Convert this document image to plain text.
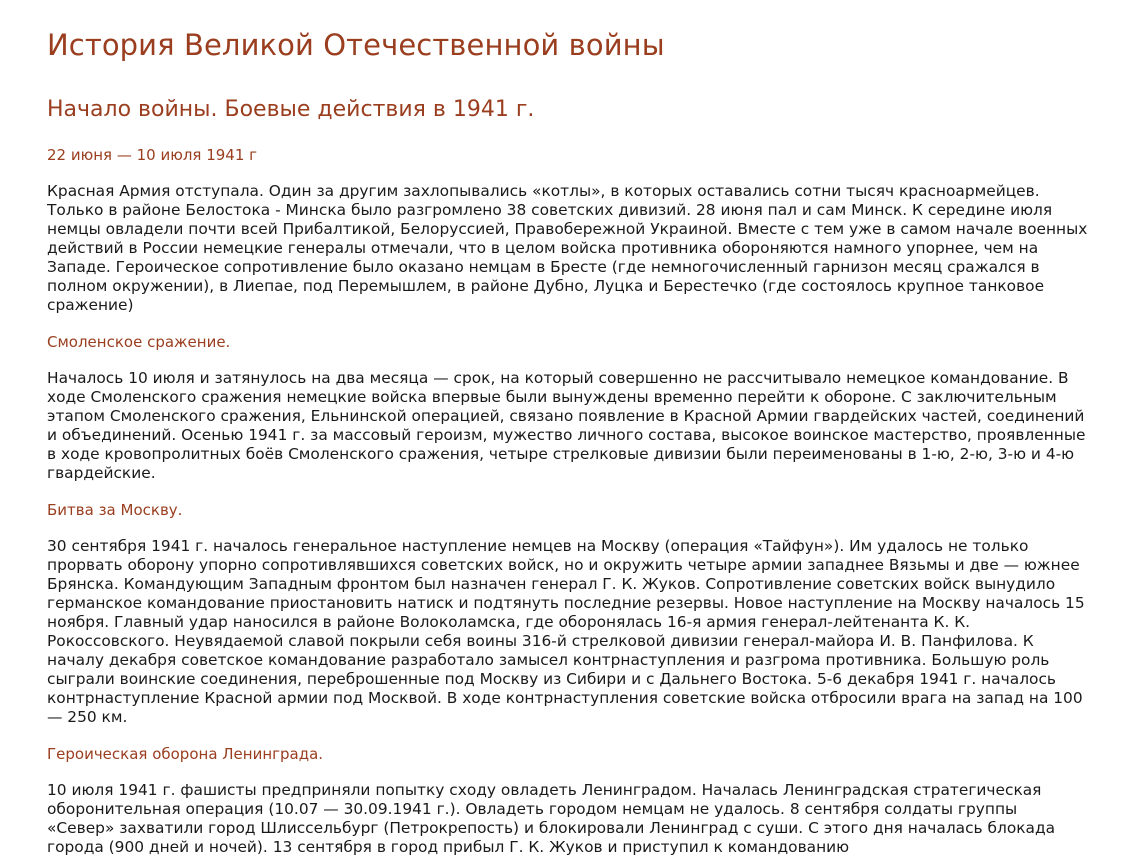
История Великой Отечественной войны
Начало войны. Боевые действия в 1941 г.
22 июня — 10 июля 1941 г

Красная Армия отступала. Один за другим захлопывались «котлы», в которых оставались сотни тысяч красноармейцев. Только в районе Белостока - Минска было разгромлено 38 советских дивизий. 28 июня пал и сам Минск. К середине июля немцы овладели почти всей Прибалтикой, Белоруссией, Правобережной Украиной. Вместе с тем уже в самом начале военных действий в России немецкие генералы отмечали, что в целом войска противника обороняются намного упорнее, чем на Западе. Героическое сопротивление было оказано немцам в Бресте (где немногочисленный гарнизон месяц сражался в полном окружении), в Лиепае, под Перемышлем, в районе Дубно, Луцка и Берестечко (где состоялось крупное танковое сражение)

Смоленское сражение.

Началось 10 июля и затянулось на два месяца — срок, на который совершенно не рассчитывало немецкое командование. В ходе Смоленского сражения немецкие войска впервые были вынуждены временно перейти к обороне. С заключительным этапом Смоленского сражения, Ельнинской операцией, связано появление в Красной Армии гвардейских частей, соединений и объединений. Осенью 1941 г. за массовый героизм, мужество личного состава, высокое воинское мастерство, проявленные в ходе кровопролитных боёв Смоленского сражения, четыре стрелковые дивизии были переименованы в 1-ю, 2-ю, 3-ю и 4-ю гвардейские.

Битва за Москву.

30 сентября 1941 г. началось генеральное наступление немцев на Москву (операция «Тайфун»). Им удалось не только прорвать оборону упорно сопротивлявшихся советских войск, но и окружить четыре армии западнее Вязьмы и две — южнее Брянска. Командующим Западным фронтом был назначен генерал Г. К. Жуков. Сопротивление советских войск вынудило германское командование приостановить натиск и подтянуть последние резервы. Новое наступление на Москву началось 15 ноября. Главный удар наносился в районе Волоколамска, где оборонялась 16-я армия генерал-лейтенанта К. К. Рокоссовского. Неувядаемой славой покрыли себя воины 316-й стрелковой дивизии генерал-майора И. В. Панфилова. К началу декабря советское командование разработало замысел контрнаступления и разгрома противника. Большую роль сыграли воинские соединения, переброшенные под Москву из Сибири и с Дальнего Востока. 5-6 декабря 1941 г. началось контрнаступление Красной армии под Москвой. В ходе контрнаступления советские войска отбросили врага на запад на 100 — 250 км.

Героическая оборона Ленинграда.

10 июля 1941 г. фашисты предприняли попытку сходу овладеть Ленинградом. Началась Ленинградская стратегическая оборонительная операция (10.07 — 30.09.1941 г.). Овладеть городом немцам не удалось. 8 сентября солдаты группы «Север» захватили город Шлиссельбург (Петрокрепость) и блокировали Ленинград с суши. С этого дня началась блокада города (900 дней и ночей). 13 сентября в город прибыл Г. К. Жуков и приступил к командованию
